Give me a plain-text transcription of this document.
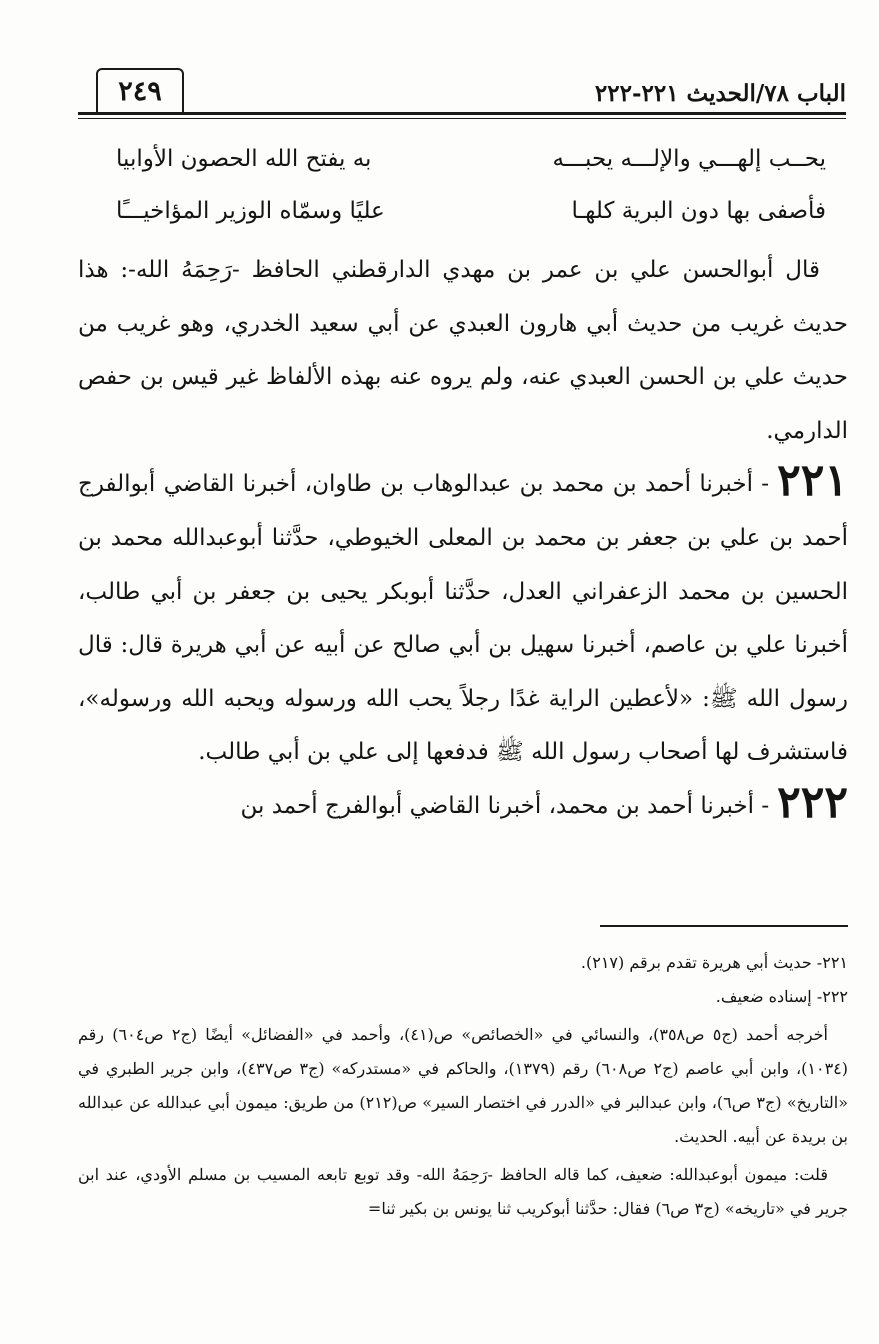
الباب ٧٨/الحديث ٢٢١-٢٢٢
٢٤٩
يحــب إلهـــي والإلـــه يحبـــه
به يفتح الله الحصون الأوابيا
فأصفى بها دون البرية كلهـا
عليًا وسمّاه الوزير المؤاخيـــًا

قال أبوالحسن علي بن عمر بن مهدي الدارقطني الحافظ -رَحِمَهُ الله-: هذا حديث غريب من حديث أبي هارون العبدي عن أبي سعيد الخدري، وهو غريب من حديث علي بن الحسن العبدي عنه، ولم يروه عنه بهذه الألفاظ غير قيس بن حفص الدارمي.

٢٢١- أخبرنا أحمد بن محمد بن عبدالوهاب بن طاوان، أخبرنا القاضي أبوالفرج أحمد بن علي بن جعفر بن محمد بن المعلى الخيوطي، حدَّثنا أبوعبدالله محمد بن الحسين بن محمد الزعفراني العدل، حدَّثنا أبوبكر يحيى بن جعفر بن أبي طالب، أخبرنا علي بن عاصم، أخبرنا سهيل بن أبي صالح عن أبيه عن أبي هريرة قال: قال رسول الله ﷺ: «لأعطين الراية غدًا رجلاً يحب الله ورسوله ويحبه الله ورسوله»، فاستشرف لها أصحاب رسول الله ﷺ فدفعها إلى علي بن أبي طالب.

٢٢٢- أخبرنا أحمد بن محمد، أخبرنا القاضي أبوالفرج أحمد بن

٢٢١- حديث أبي هريرة تقدم برقم (٢١٧).

٢٢٢- إسناده ضعيف.

أخرجه أحمد (ج٥ ص٣٥٨)، والنسائي في «الخصائص» ص(٤١)، وأحمد في «الفضائل» أيضًا (ج٢ ص٦٠٤) رقم (١٠٣٤)، وابن أبي عاصم (ج٢ ص٦٠٨) رقم (١٣٧٩)، والحاكم في «مستدركه» (ج٣ ص٤٣٧)، وابن جرير الطبري في «التاريخ» (ج٣ ص٦)، وابن عبدالبر في «الدرر في اختصار السير» ص(٢١٢) من طريق: ميمون أبي عبدالله عن عبدالله بن بريدة عن أبيه. الحديث.

قلت: ميمون أبوعبدالله: ضعيف، كما قاله الحافظ -رَحِمَهُ الله- وقد توبع تابعه المسيب بن مسلم الأودي، عند ابن جرير في «تاريخه» (ج٣ ص٦) فقال: حدَّثنا أبوكريب ثنا يونس بن بكير ثنا=
